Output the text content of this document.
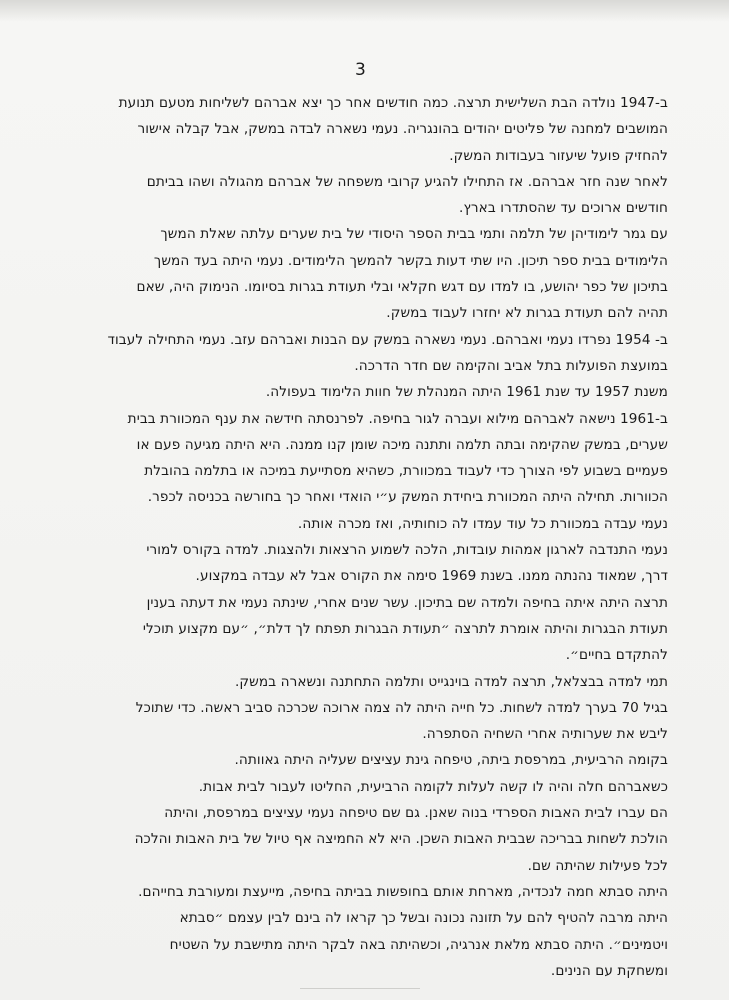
3
ב-1947 נולדה הבת השלישית תרצה. כמה חודשים אחר כך יצא אברהם לשליחות מטעם תנועת
המושבים למחנה של פליטים יהודים בהונגריה. נעמי נשארה לבדה במשק, אבל קבלה אישור
להחזיק פועל שיעזור בעבודות המשק.
לאחר שנה חזר אברהם. אז התחילו להגיע קרובי משפחה של אברהם מהגולה ושהו בביתם
חודשים ארוכים עד שהסתדרו בארץ.
עם גמר לימודיהן של תלמה ותמי בבית הספר היסודי של בית שערים עלתה שאלת המשך
הלימודים בבית ספר תיכון. היו שתי דעות בקשר להמשך הלימודים. נעמי היתה בעד המשך
בתיכון של כפר יהושע, בו למדו עם דגש חקלאי ובלי תעודת בגרות בסיומו. הנימוק היה, שאם
תהיה להם תעודת בגרות לא יחזרו לעבוד במשק.
ב- 1954 נפרדו נעמי ואברהם. נעמי נשארה במשק עם הבנות ואברהם עזב. נעמי התחילה לעבוד
במועצת הפועלות בתל אביב והקימה שם חדר הדרכה.
משנת 1957 עד שנת 1961 היתה המנהלת של חוות הלימוד בעפולה.
ב-1961 נישאה לאברהם מילוא ועברה לגור בחיפה. לפרנסתה חידשה את ענף המכוורת בבית
שערים, במשק שהקימה ובתה תלמה ותתנה מיכה שומן קנו ממנה. היא היתה מגיעה פעם או
פעמיים בשבוע לפי הצורך כדי לעבוד במכוורת, כשהיא מסתייעת במיכה או בתלמה בהובלת
הכוורות. תחילה היתה המכוורת ביחידת המשק ע״י הואדי ואחר כך בחורשה בכניסה לכפר.
נעמי עבדה במכוורת כל עוד עמדו לה כוחותיה, ואז מכרה אותה.
נעמי התנדבה לארגון אמהות עובדות, הלכה לשמוע הרצאות ולהצגות. למדה בקורס למורי
דרך, שמאוד נהנתה ממנו. בשנת 1969 סימה את הקורס אבל לא עבדה במקצוע.
תרצה היתה איתה בחיפה ולמדה שם בתיכון. עשר שנים אחרי, שינתה נעמי את דעתה בענין
תעודת הבגרות והיתה אומרת לתרצה ״תעודת הבגרות תפתח לך דלת״, ״עם מקצוע תוכלי
להתקדם בחיים״.
תמי למדה בבצלאל, תרצה למדה בוינגייט ותלמה התחתנה ונשארה במשק.
בגיל 70 בערך למדה לשחות. כל חייה היתה לה צמה ארוכה שכרכה סביב ראשה. כדי שתוכל
ליבש את שערותיה אחרי השחיה הסתפרה.
בקומה הרביעית, במרפסת ביתה, טיפחה גינת עציצים שעליה היתה גאוותה.
כשאברהם חלה והיה לו קשה לעלות לקומה הרביעית, החליטו לעבור לבית אבות.
הם עברו לבית האבות הספרדי בנוה שאנן. גם שם טיפחה נעמי עציצים במרפסת, והיתה
הולכת לשחות בבריכה שבבית האבות השכן. היא לא החמיצה אף טיול של בית האבות והלכה
לכל פעילות שהיתה שם.
היתה סבתא חמה לנכדיה, מארחת אותם בחופשות בביתה בחיפה, מייעצת ומעורבת בחייהם.
היתה מרבה להטיף להם על תזונה נכונה ובשל כך קראו לה בינם לבין עצמם ״סבתא
ויטמינים״. היתה סבתא מלאת אנרגיה, וכשהיתה באה לבקר היתה מתישבת על השטיח
ומשחקת עם הנינים.
